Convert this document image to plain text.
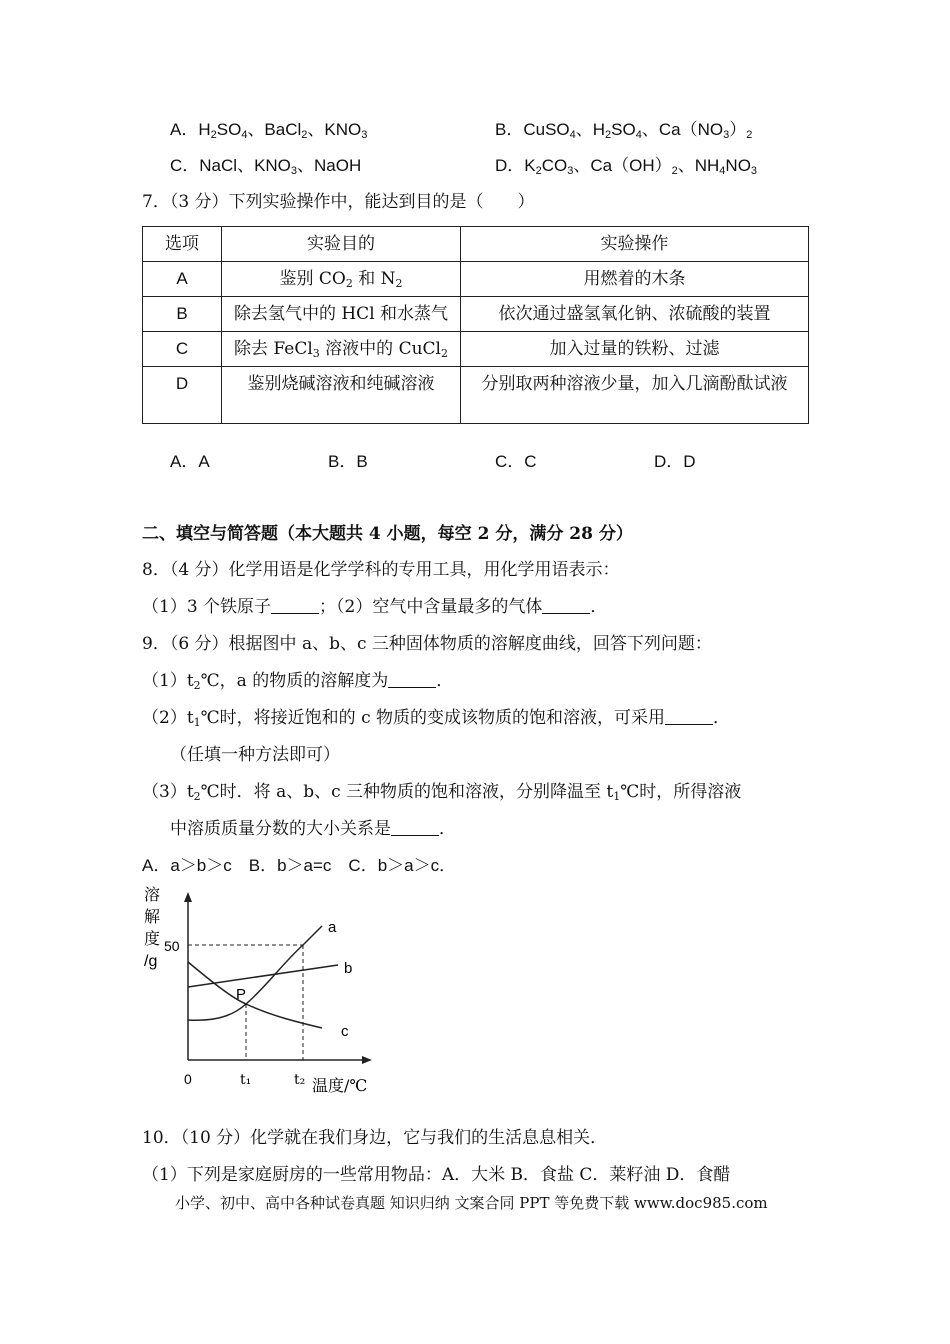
A．$H_2SO_4$、BaCl$_2$、$KNO_3$	B．CuSO$_4$、$H_2SO_4$、$Ca(NO_3)_2$
C．NaCl、$KNO_3$、NaOH	D．$K_2CO_3$、$Ca(OH)_2$、$NH_4NO_3$
7．（3 分）下列实验操作中，能达到目的是（　　）
选项	实验目的	实验操作
A	鉴别 $CO_2$ 和 $N_2$	用燃着的木条
B	除去氢气中的 HCl 和水蒸气	依次通过盛氢氧化钠、浓硫酸的装置
C	除去 FeCl$_3$ 溶液中的 CuCl$_2$	加入过量的铁粉、过滤
D	鉴别烧碱溶液和纯碱溶液	分别取两种溶液少量，加入几滴酚酞试液
A．A	B．B	C．C	D．D
二、填空与简答题（本大题共 4 小题，每空 2 分，满分 28 分）
8．（4 分）化学用语是化学学科的专用工具，用化学用语表示：
（1）3 个铁原子	；（2）空气中含量最多的气体	．
9．（6 分）根据图中 a、b、c 三种固体物质的溶解度曲线，回答下列问题：
$(1)t_2℃$，a 的物质的溶解度为	．
$(2)t_1℃$时，将接近饱和的 c 物质的变成该物质的饱和溶液，可采用	．
（任填一种方法即可）
$(3)t_2℃$时．将 a、b、c 三种物质的饱和溶液，分别降温至 $t_1℃$时，所得溶液
中溶质质量分数的大小关系是	．
A．a＞b＞c　B．b＞a=c　C．b＞a＞c．
溶
解
度
/g
50
0	t₁	t₂ 温度/℃
a
b
c
P
10．（10 分）化学就在我们身边，它与我们的生活息息相关．
（1）下列是家庭厨房的一些常用物品：A．大米 B．食盐 C．莱籽油 D．食醋
小学、初中、高中各种试卷真题 知识归纳 文案合同 PPT 等免费下载 www.doc985.com
